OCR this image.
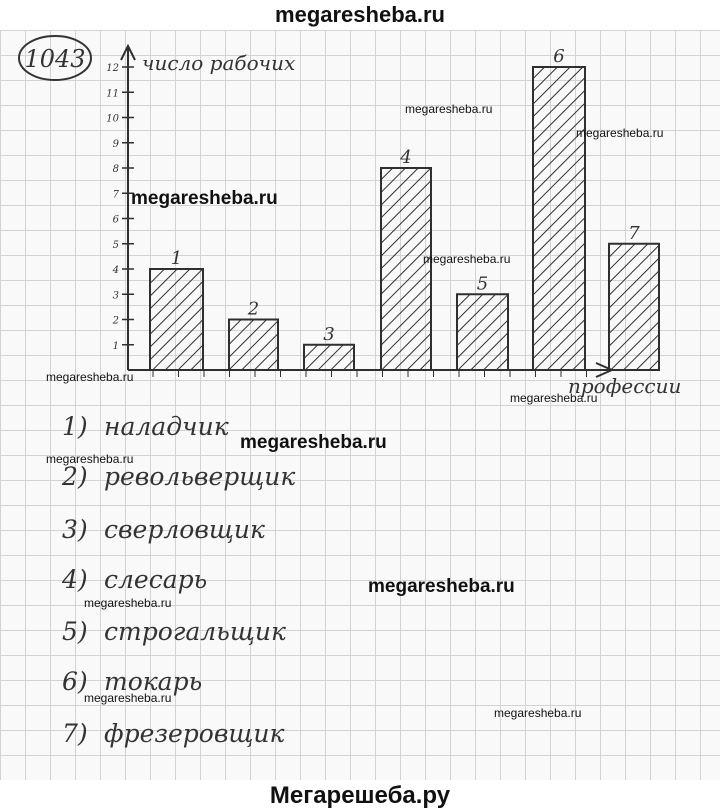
megaresheba.ru
1043	число рабочих
профессии
1
2
3
4
5
6
7
8
9
10
11
12
1
2
3
4
5
6
7
megaresheba.ru
megaresheba.ru
megaresheba.ru
megaresheba.ru
megaresheba.ru
megaresheba.ru
megaresheba.ru
megaresheba.ru
megaresheba.ru
megaresheba.ru
megaresheba.ru
megaresheba.ru
1) наладчик
2) револьверщик
3) сверловщик
4) слесарь
5) строгальщик
6) токарь
7) фрезеровщик
Мегарешеба.ру
